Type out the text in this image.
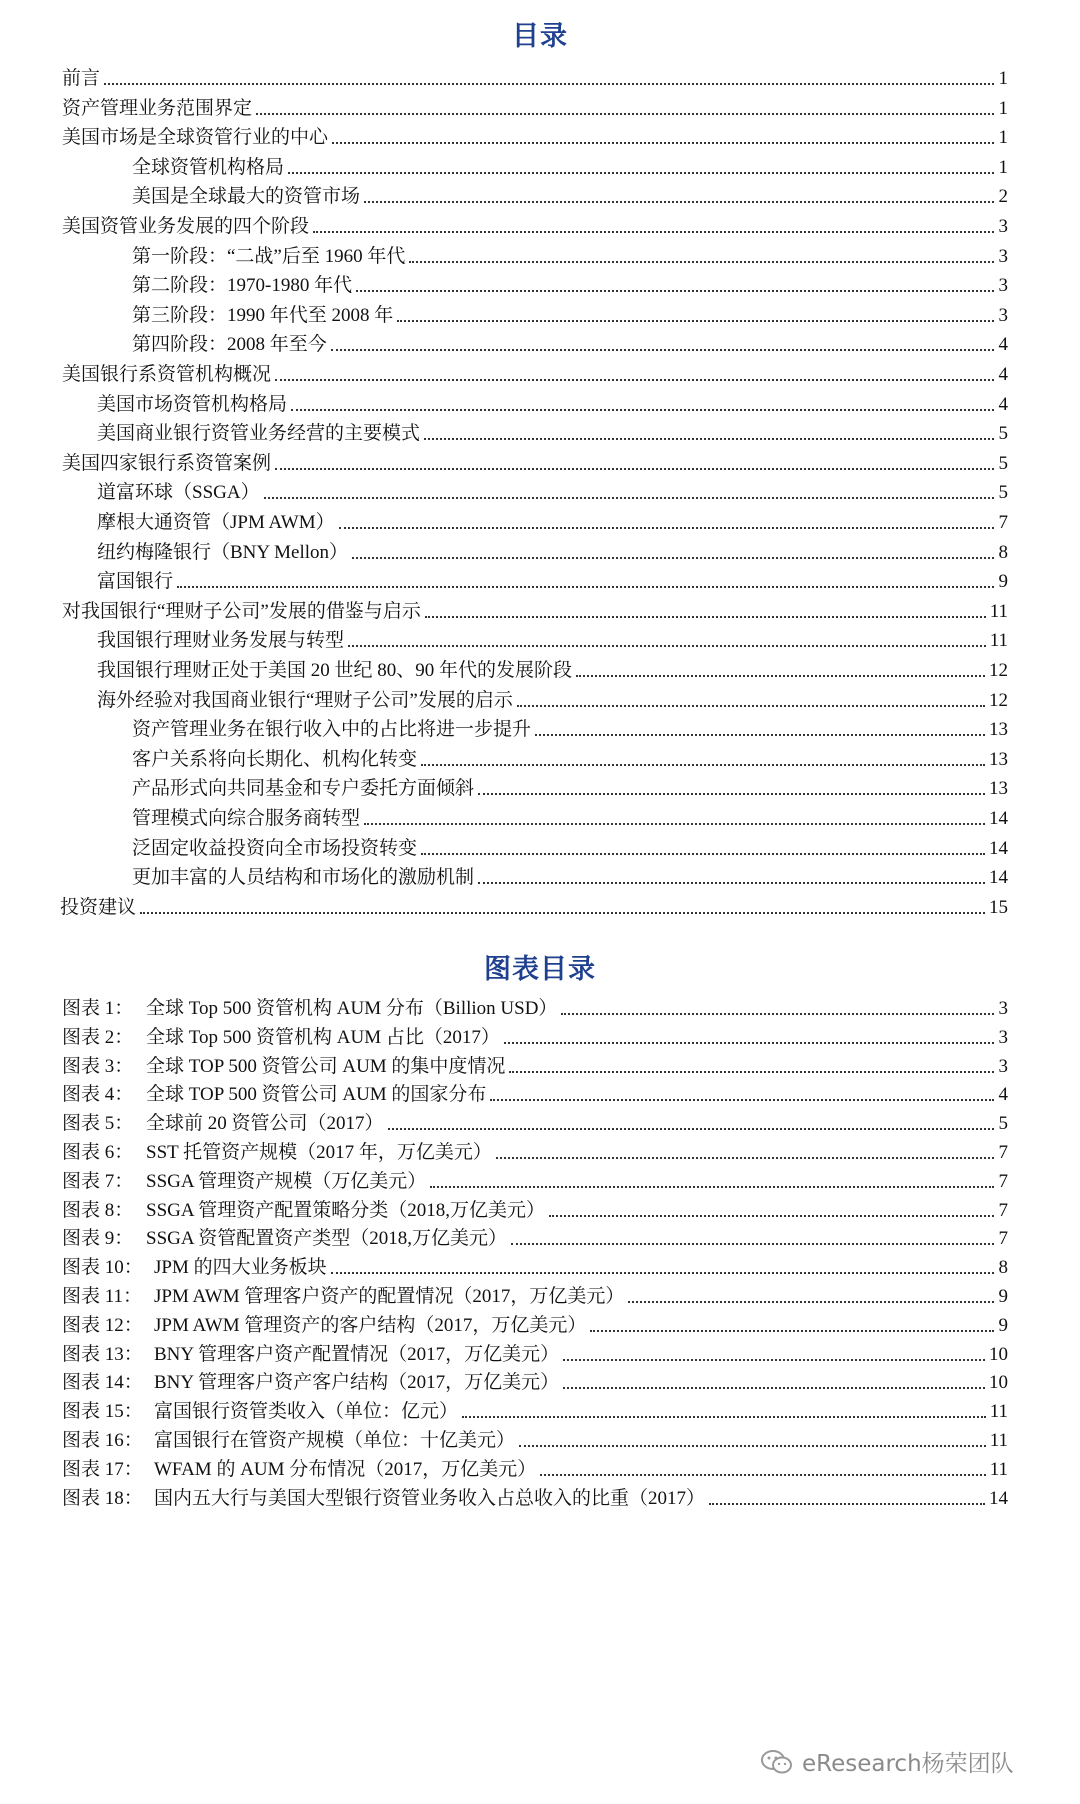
目录
前言	1
资产管理业务范围界定	1
美国市场是全球资管行业的中心	1
全球资管机构格局	1
美国是全球最大的资管市场	2
美国资管业务发展的四个阶段	3
第一阶段：“二战”后至 1960 年代	3
第二阶段：1970-1980 年代	3
第三阶段：1990 年代至 2008 年	3
第四阶段：2008 年至今	4
美国银行系资管机构概况	4
美国市场资管机构格局	4
美国商业银行资管业务经营的主要模式	5
美国四家银行系资管案例	5
道富环球（SSGA）	5
摩根大通资管（JPM AWM）	7
纽约梅隆银行（BNY Mellon）	8
富国银行	9
对我国银行“理财子公司”发展的借鉴与启示	11
我国银行理财业务发展与转型	11
我国银行理财正处于美国 20 世纪 80、90 年代的发展阶段	12
海外经验对我国商业银行“理财子公司”发展的启示	12
资产管理业务在银行收入中的占比将进一步提升	13
客户关系将向长期化、机构化转变	13
产品形式向共同基金和专户委托方面倾斜	13
管理模式向综合服务商转型	14
泛固定收益投资向全市场投资转变	14
更加丰富的人员结构和市场化的激励机制	14
投资建议	15
图表目录
图表 1： 全球 Top 500 资管机构 AUM 分布（Billion USD）	3
图表 2： 全球 Top 500 资管机构 AUM 占比（2017）	3
图表 3： 全球 TOP 500 资管公司 AUM 的集中度情况	3
图表 4： 全球 TOP 500 资管公司 AUM 的国家分布	4
图表 5： 全球前 20 资管公司（2017）	5
图表 6： SST 托管资产规模（2017 年，万亿美元）	7
图表 7： SSGA 管理资产规模（万亿美元）	7
图表 8： SSGA 管理资产配置策略分类（2018,万亿美元）	7
图表 9： SSGA 资管配置资产类型（2018,万亿美元）	7
图表 10： JPM 的四大业务板块	8
图表 11： JPM AWM 管理客户资产的配置情况（2017，万亿美元）	9
图表 12： JPM AWM 管理资产的客户结构（2017，万亿美元）	9
图表 13： BNY 管理客户资产配置情况（2017，万亿美元）	10
图表 14： BNY 管理客户资产客户结构（2017，万亿美元）	10
图表 15： 富国银行资管类收入（单位：亿元）	11
图表 16： 富国银行在管资产规模（单位：十亿美元）	11
图表 17： WFAM 的 AUM 分布情况（2017，万亿美元）	11
图表 18： 国内五大行与美国大型银行资管业务收入占总收入的比重（2017）	14
eResearch杨荣团队
